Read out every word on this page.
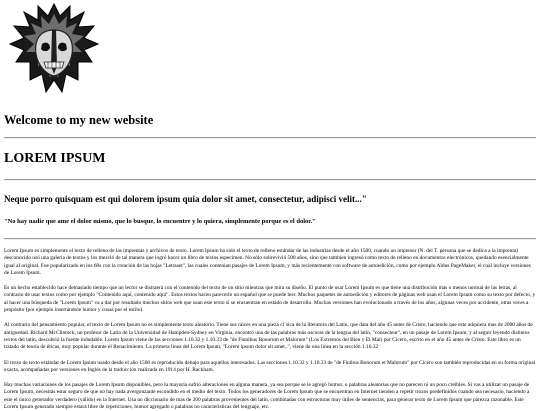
Welcome to my new website
LOREM IPSUM
Neque porro quisquam est qui dolorem ipsum quia dolor sit amet, consectetur, adipisci velit..."
"No hay nadie que ame el dolor mismo, que lo busque, lo encuentre y lo quiera, simplemente porque es el dolor."

Lorem Ipsum es simplemente el texto de relleno de las imprentas y archivos de texto. Lorem Ipsum ha sido el texto de relleno estándar de las industrias desde el año 1500, cuando un impresor (N. del T. persona que se dedica a la imprenta) desconocido usó una galería de textos y los mezcló de tal manera que logró hacer un libro de textos especimen. No sólo sobrevivió 500 años, sino que tambien ingresó como texto de relleno en documentos electrónicos, quedando esencialmente igual al original. Fue popularizado en los 60s con la creación de las hojas "Letraset", las cuales contenian pasajes de Lorem Ipsum, y más recientemente con software de autoedición, como por ejemplo Aldus PageMaker, el cual incluye versiones de Lorem Ipsum.

Es un hecho establecido hace demasiado tiempo que un lector se distraerá con el contenido del texto de un sitio mientras que mira su diseño. El punto de usar Lorem Ipsum es que tiene una distribución más o menos normal de las letras, al contrario de usar textos como por ejemplo "Contenido aquí, contenido aquí". Estos textos hacen parecerlo un español que se puede leer. Muchos paquetes de autoedición y editores de páginas web usan el Lorem Ipsum como su texto por defecto, y al hacer una búsqueda de "Lorem Ipsum" va a dar por resultado muchos sitios web que usan este texto si se encuentran en estado de desarrollo. Muchas versiones han evolucionado a través de los años, algunas veces por accidente, otras veces a propósito (por ejemplo insertándole humor y cosas por el estilo).

Al contrario del pensamiento popular, el texto de Lorem Ipsum no es simplemente texto aleatorio. Tiene sus raices en una pieza cl´sica de la literatura del Latin, que data del año 45 antes de Cristo, haciendo que este adquiera mas de 2000 años de antiguedad. Richard McClintock, un profesor de Latin de la Universidad de Hampden-Sydney en Virginia, encontró una de las palabras más oscuras de la lengua del latín, "consecteur", en un pasaje de Lorem Ipsum, y al seguir leyendo distintos textos del latín, descubrió la fuente indudable. Lorem Ipsum viene de las secciones 1.10.32 y 1.10.33 de "de Finnibus Bonorum et Malorum" (Los Extremos del Bien y El Mal) por Cicero, escrito en el año 45 antes de Cristo. Este libro es un tratado de teoría de éticas, muy popular durante el Renacimiento. La primera linea del Lorem Ipsum, "Lorem ipsum dolor sit amet..", viene de una linea en la sección 1.10.32

El trozo de texto estándar de Lorem Ipsum usado desde el año 1500 es reproducido debajo para aquellos interesados. Las secciones 1.10.32 y 1.10.33 de "de Finibus Bonorum et Malorum" por Cicero son también reproducidas en su forma original exacta, acompañadas por versiones en Inglés de la traducción realizada en 1914 por H. Rackham.

Hay muchas variaciones de los pasajes de Lorem Ipsum disponibles, pero la mayoría sufrió alteraciones en alguna manera, ya sea porque se le agregó humor, o palabras aleatorias que no parecen ni un poco creíbles. Si vas a utilizar un pasaje de Lorem Ipsum, necesitás estar seguro de que no hay nada avergonzante escondido en el medio del texto. Todos los generadores de Lorem Ipsum que se encuentran en Internet tienden a repetir trozos predefinidos cuando sea necesario, haciendo a este el único generador verdadero (válido) en la Internet. Usa un diccionario de mas de 200 palabras provenientes del latín, combinadas con estructuras muy útiles de sentencias, para generar texto de Lorem Ipsum que parezca razonable. Este Lorem Ipsum generado siempre estará libre de repeticiones, humor agregado o palabras no características del lenguaje, etc.
